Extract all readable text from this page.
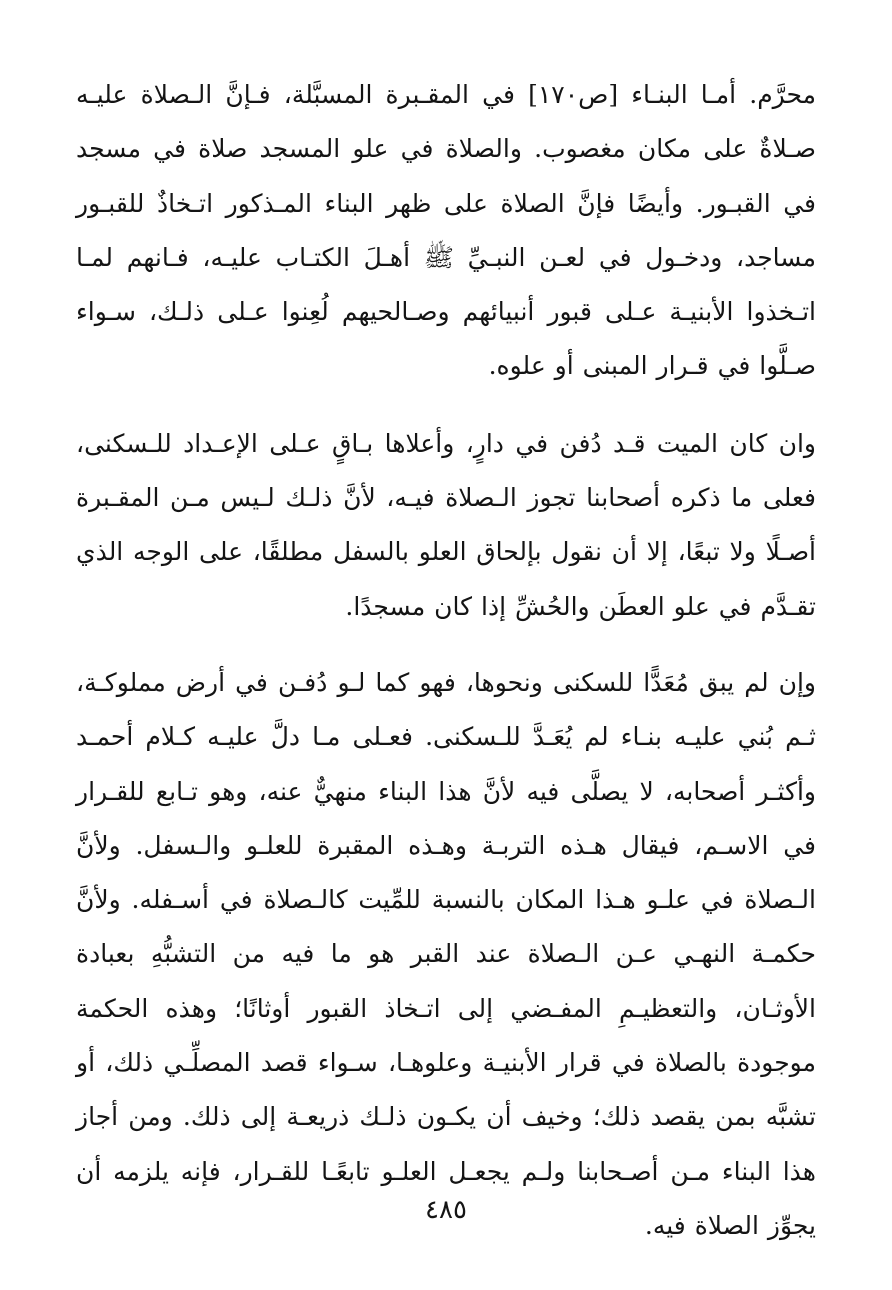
محرَّم. أمـا البنـاء [ص١٧٠] في المقـبرة المسبَّلة، فـإنَّ الـصلاة عليـه صـلاةٌ على مكان مغصوب. والصلاة في علو المسجد صلاة في مسجد في القبـور. وأيضًا فإنَّ الصلاة على ظهر البناء المـذكور اتـخاذٌ للقبـور مساجد، ودخـول في لعـن النبـيِّ ﷺ أهـلَ الكتـاب عليـه، فـانهم لمـا اتـخذوا الأبنيـة عـلى قبور أنبيائهم وصـالحيهم لُعِنوا عـلى ذلـك، سـواء صـلَّوا في قـرار المبنى أو علوه.

وان كان الميت قـد دُفن في دارٍ، وأعلاها بـاقٍ عـلى الإعـداد للـسكنى، فعلى ما ذكره أصحابنا تجوز الـصلاة فيـه، لأنَّ ذلـك لـيس مـن المقـبرة أصـلًا ولا تبعًا، إلا أن نقول بإلحاق العلو بالسفل مطلقًا، على الوجه الذي تقـدَّم في علو العطَن والحُشِّ إذا كان مسجدًا.

وإن لم يبق مُعَدًّا للسكنى ونحوها، فهو كما لـو دُفـن في أرض مملوكـة، ثـم بُني عليـه بنـاء لم يُعَـدَّ للـسكنى. فعـلى مـا دلَّ عليـه كـلام أحمـد وأكثـر أصحابه، لا يصلَّى فيه لأنَّ هذا البناء منهيٌّ عنه، وهو تـابع للقـرار في الاسـم، فيقال هـذه التربـة وهـذه المقبرة للعلـو والـسفل. ولأنَّ الـصلاة في علـو هـذا المكان بالنسبة للمِّيت كالـصلاة في أسـفله. ولأنَّ حكمـة النهـي عـن الـصلاة عند القبر هو ما فيه من التشبُّهِ بعبادة الأوثـان، والتعظيـمِ المفـضي إلى اتـخاذ القبور أوثانًا؛ وهذه الحكمة موجودة بالصلاة في قرار الأبنيـة وعلوهـا، سـواء قصد المصلِّـي ذلك، أو تشبَّه بمن يقصد ذلك؛ وخيف أن يكـون ذلـك ذريعـة إلى ذلك. ومن أجاز هذا البناء مـن أصـحابنا ولـم يجعـل العلـو تابعًـا للقـرار، فإنه يلزمه أن يجوِّز الصلاة فيه.

٤٨٥
